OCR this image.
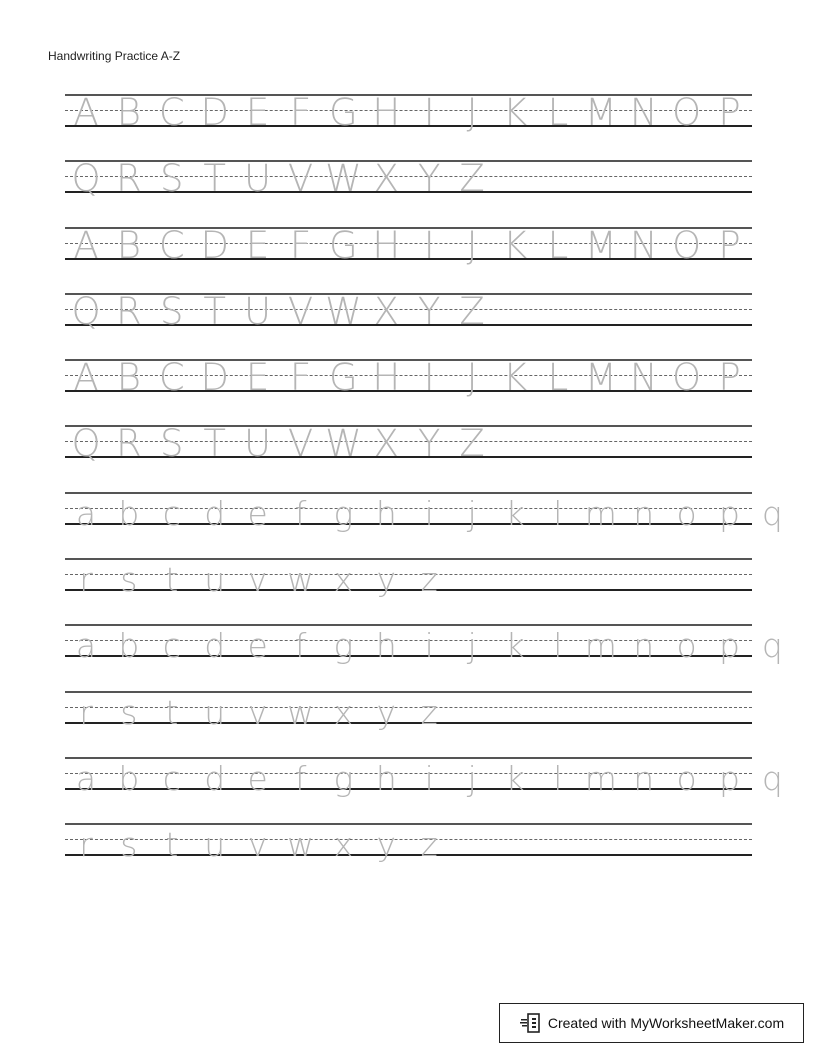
Handwriting Practice A-Z
A B C D E F G H I J K L M N O P
Q R S T U V W X Y Z
A B C D E F G H I J K L M N O P
Q R S T U V W X Y Z
A B C D E F G H I J K L M N O P
Q R S T U V W X Y Z
a b c d e f g h i	j k l m n o p q
r s t u v w x y z
a b c d e f g h i	j k l m n o p q
r s t u v w x y z
a b c d e f g h i	j k l m n o p q
r s t u v w x y z
Created with MyWorksheetMaker.com
